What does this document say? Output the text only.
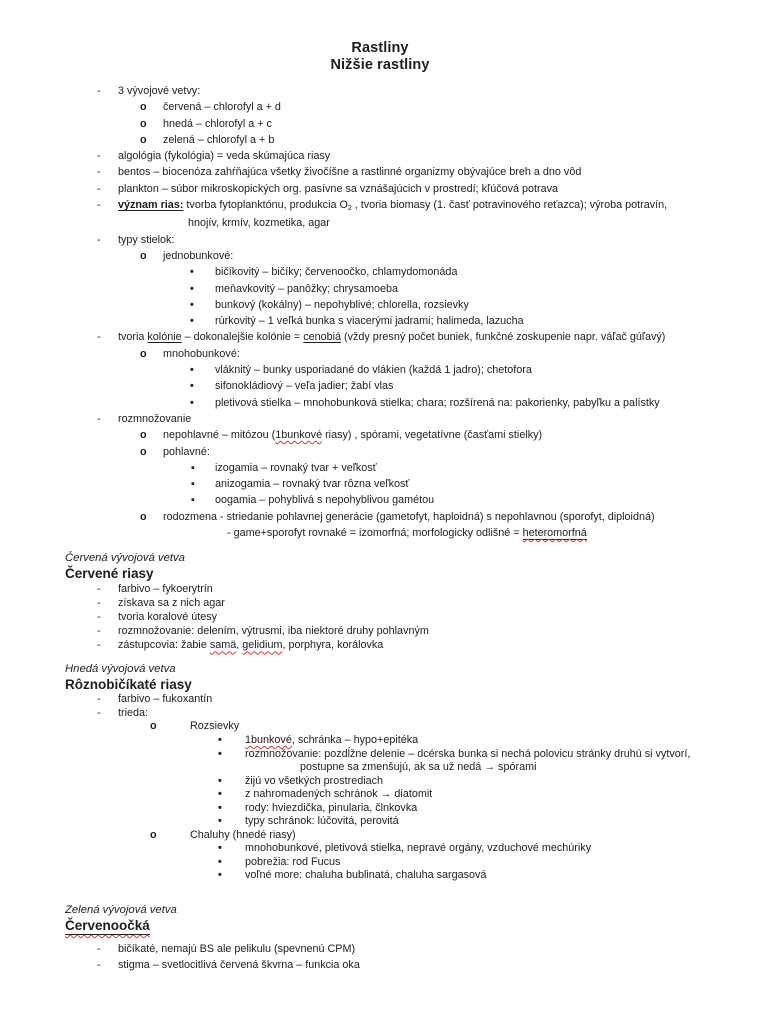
Rastliny
Nižšie rastliny
- 3 vývojové vetvy:
o červená – chlorofyl a + d
o hnedá – chlorofyl a + c
o zelená – chlorofyl a + b
- algológia (fykológia) = veda skúmajúca riasy
- bentos – biocenóza zahŕňajúca všetky živočíšne a rastlinné organizmy obývajúce breh a dno vôd
- plankton – súbor mikroskopických org. pasívne sa vznášajúcich v prostredí; kľúčová potrava
- význam rias: tvorba fytoplanktónu, produkcia O2 , tvoria biomasy (1. časť potravinového reťazca); výroba potravín,
hnojív, krmív, kozmetika, agar
- typy stielok:
o jednobunkové:
• bičíkovitý – bičíky; červenoočko, chlamydomonáda
• meňavkovitý – panôžky; chrysamoeba
• bunkový (kokálny) – nepohyblivé; chlorella, rozsievky
• rúrkovitý – 1 veľká bunka s viacerými jadrami; halimeda, lazucha
- tvoria kolónie – dokonalejšie kolónie = cenobiá (vždy presný počet buniek, funkčné zoskupenie napr. váľač gúľavý)
o mnohobunkové:
• vláknitý – bunky usporiadané do vlákien (každá 1 jadro); chetofora
• sifonokládiový – veľa jadier; žabí vlas
• pletivová stielka – mnohobunková stielka; chara; rozšírená na: pakorienky, pabyľku a palístky
- rozmnožovanie
o nepohlavné – mitózou (1bunkové riasy) , spórami, vegetatívne (časťami stielky)
o pohlavné:
▪ izogamia – rovnaký tvar + veľkosť
▪ anizogamia – rovnaký tvar rôzna veľkosť
▪ oogamia – pohyblivá s nepohyblivou gamétou
o rodozmena - striedanie pohlavnej generácie (gametofyt, haploidná) s nepohlavnou (sporofyt, diploidná)
- game+sporofyt rovnaké = izomorfná; morfologicky odlišné = heteromorfná
Červená vývojová vetva
Červené riasy
- farbivo – fykoerytrín
- získava sa z nich agar
- tvoria koralové útesy
- rozmnožovanie: delením, výtrusmi, iba niektoré druhy pohlavným
- zástupcovia: žabie samä, gelidium, porphyra, korálovka
Hnedá vývojová vetva
Rôznobičíkaté riasy
- farbivo – fukoxantín
- trieda:
o	Rozsievky
• 1bunkové, schránka – hypo+epitéka
• rozmnožovanie: pozdĺžne delenie – dcérska bunka si nechá polovicu stránky druhú si vytvorí,
postupne sa zmenšujú, ak sa už nedá → spórami
• žijú vo všetkých prostrediach
• z nahromadených schránok → diatomit
• rody: hviezdička, pinularia, člnkovka
• typy schránok: lúčovitá, perovitá
o	Chaluhy (hnedé riasy)
• mnohobunkové, pletivová stielka, nepravé orgány, vzduchové mechúriky
• pobrežia: rod Fucus
• voľné more: chaluha bublinatá, chaluha sargasová
Zelená vývojová vetva
Červenoočká
- bičíkaté, nemajú BS ale pelikulu (spevnenú CPM)
- stigma – svetlocitlivá červená škvrna – funkcia oka
